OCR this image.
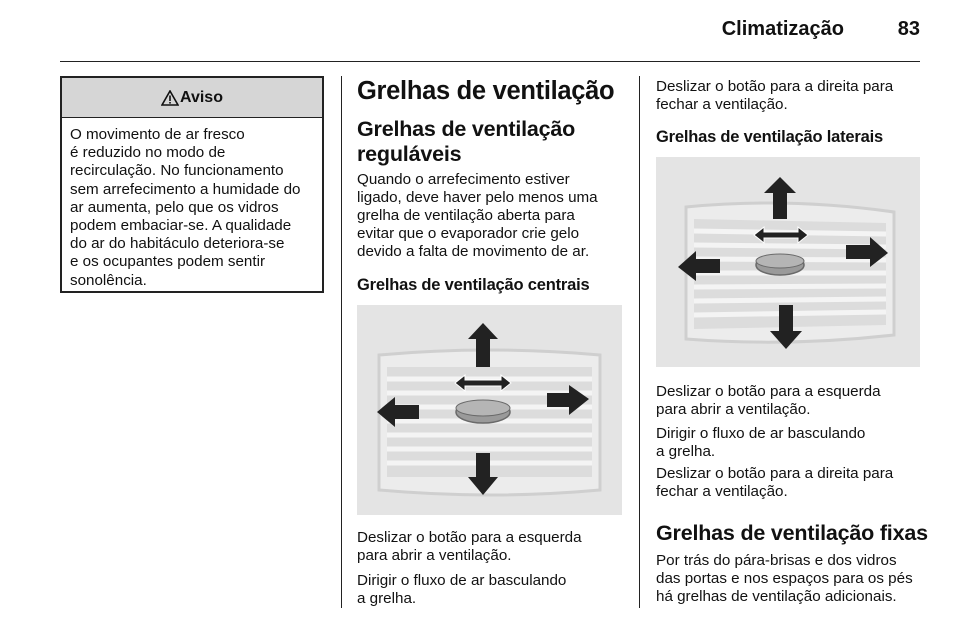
Climatização	83
Aviso

O movimento de ar fresco

é reduzido no modo de

recirculação. No funcionamento

sem arrefecimento a humidade do

ar aumenta, pelo que os vidros

podem embaciar-se. A qualidade

do ar do habitáculo deteriora-se

e os ocupantes podem sentir

sonolência.

Grelhas de ventilação
Grelhas de ventilação
reguláveis
Quando o arrefecimento estiver
ligado, deve haver pelo menos uma
grelha de ventilação aberta para
evitar que o evaporador crie gelo
devido a falta de movimento de ar.
Grelhas de ventilação centrais
Deslizar o botão para a esquerda
para abrir a ventilação.
Dirigir o fluxo de ar basculando
a grelha.
Deslizar o botão para a direita para
fechar a ventilação.
Grelhas de ventilação laterais
Deslizar o botão para a esquerda
para abrir a ventilação.
Dirigir o fluxo de ar basculando
a grelha.
Deslizar o botão para a direita para
fechar a ventilação.
Grelhas de ventilação fixas
Por trás do pára-brisas e dos vidros
das portas e nos espaços para os pés
há grelhas de ventilação adicionais.
